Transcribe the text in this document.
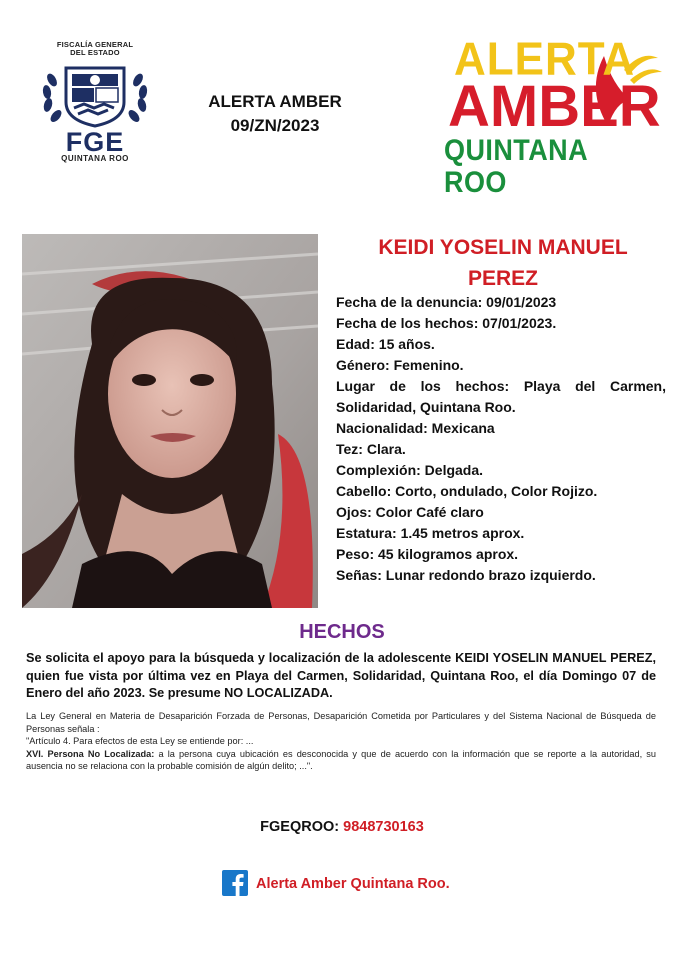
FISCALÍA GENERAL
DEL ESTADO
FGE
QUINTANA ROO
ALERTA AMBER
09/ZN/2023
ALERTA
AMBER
QUINTANA ROO
KEIDI YOSELIN MANUEL
PEREZ
Fecha de la denuncia: 09/01/2023
Fecha de los hechos: 07/01/2023.
Edad: 15 años.
Género: Femenino.
Lugar de los hechos: Playa del Carmen, Solidaridad, Quintana Roo.
Nacionalidad: Mexicana
Tez: Clara.
Complexión: Delgada.
Cabello: Corto, ondulado, Color Rojizo.
Ojos: Color Café claro
Estatura: 1.45 metros aprox.
Peso: 45 kilogramos aprox.
Señas: Lunar redondo brazo izquierdo.
HECHOS
Se solicita el apoyo para la búsqueda y localización de la adolescente KEIDI YOSELIN MANUEL PEREZ, quien fue vista por última vez en Playa del Carmen, Solidaridad, Quintana Roo, el día Domingo 07 de Enero del año 2023. Se presume NO LOCALIZADA.

La Ley General en Materia de Desaparición Forzada de Personas, Desaparición Cometida por Particulares y del Sistema Nacional de Búsqueda de Personas señala :

"Artículo 4. Para efectos de esta Ley se entiende por: ...

XVI. Persona No Localizada: a la persona cuya ubicación es desconocida y que de acuerdo con la información que se reporte a la autoridad, su ausencia no se relaciona con la probable comisión de algún delito; ...".

FGEQROO: 9848730163
Alerta Amber Quintana Roo.
